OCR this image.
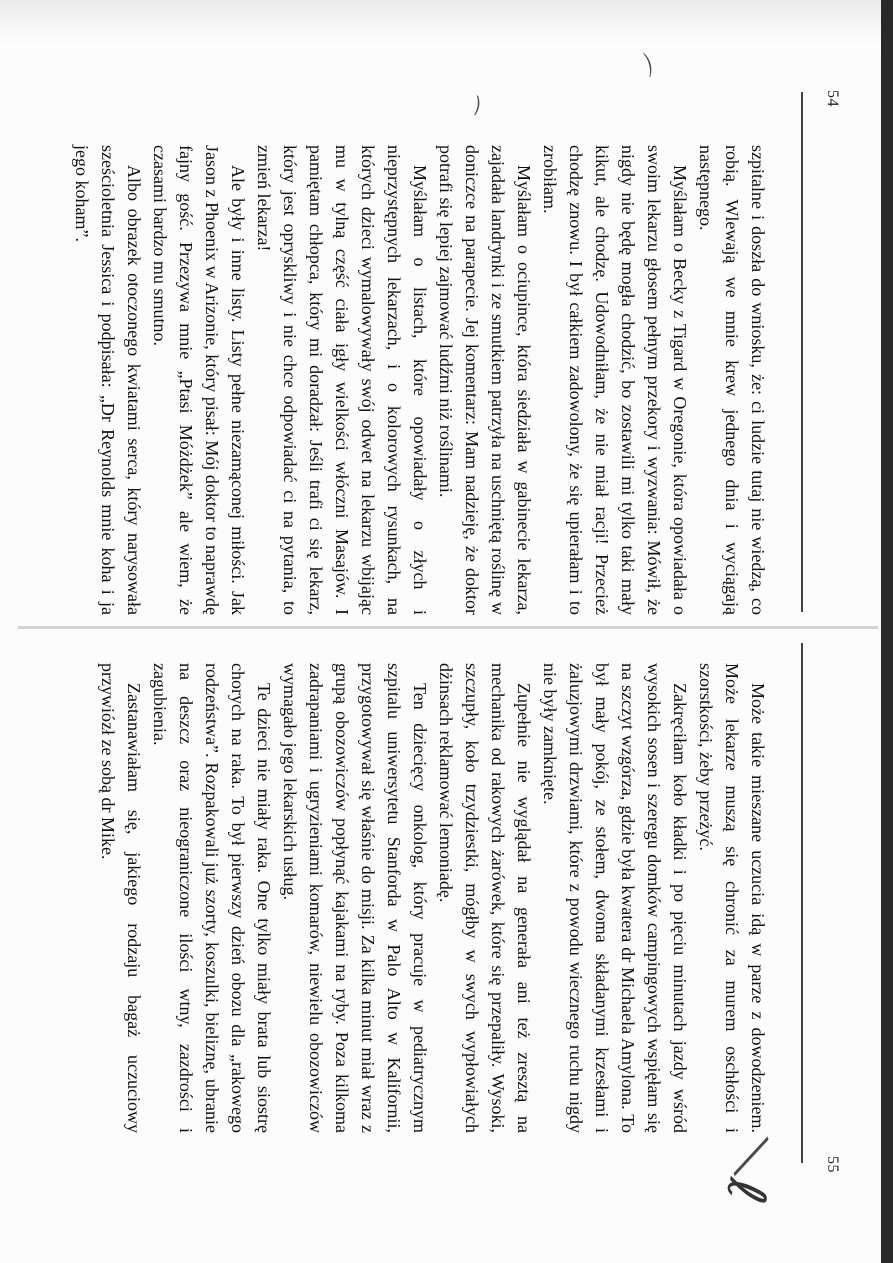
54

szpitalne i doszła do wniosku, że: ci ludzie tutaj nie wiedzą, co robią. Wlewają we mnie krew jednego dnia i wyciągają następnego.

Myślałam o Becky z Tigard w Oregonie, która opowiadała o swoim lekarzu głosem pełnym przekory i wyzwania: Mówił, że nigdy nie będę mogła chodzić, bo zostawili mi tylko taki mały kikut, ale chodzę. Udowodniłam, że nie miał racji! Przecież chodzę znowu. I był całkiem zadowolony, że się upierałam i to zrobiłam.

Myślałam o ociupince, która siedziała w gabinecie lekarza, zajadała landrynki i ze smutkiem patrzyła na uschniętą roślinę w doniczce na parapecie. Jej komentarz: Mam nadzieję, że doktor potrafi się lepiej zajmować ludźmi niż roślinami.

Myślałam o listach, które opowiadały o złych i nieprzystępnych lekarzach, i o kolorowych rysunkach, na których dzieci wymalowywały swój odwet na lekarzu wbijając mu w tylną część ciała igły wielkości włóczni Masajów. I pamiętam chłopca, który mi doradzał: Jeśli trafi ci się lekarz, który jest opryskliwy i nie chce odpowiadać ci na pytania, to zmień lekarza!

Ale były i inne listy. Listy pełne niezamąconej miłości. Jak Jason z Phoenix w Arizonie, który pisał: Mój doktor to naprawdę fajny gość. Przezywa mnie „Ptasi Móżdżek” ale wiem, że czasami bardzo mu smutno.

Albo obrazek otoczonego kwiatami serca, który narysowała sześcioletnia Jessica i podpisała: „Dr Reynolds mnie koha i ja jego koham”.

⌒
⁀
55

Może takie mieszane uczucia idą w parze z dowodzeniem. Może lekarze muszą się chronić za murem oschłości i szorstkości, żeby przeżyć.

Zakręciłam koło kładki i po pięciu minutach jazdy wśród wysokich sosen i szeregu domków campingowych wspięłam się na szczyt wzgórza, gdzie była kwatera dr Michaela Amylona. To był mały pokój, ze stołem, dwoma składanymi krzesłami i żaluzjowymi drzwiami, które z powodu wiecznego ruchu nigdy nie były zamknięte.

Zupełnie nie wyglądał na generała ani też zresztą na mechanika od rakowych żarówek, które się przepaliły. Wysoki, szczupły, koło trzydziestki, mógłby w swych wypłowiałych dżinsach reklamować lemoniadę.

Ten dziecięcy onkolog, który pracuje w pediatrycznym szpitalu uniwersytetu Stanforda w Palo Alto w Kalifornii, przygotowywał się właśnie do misji. Za kilka minut miał wraz z grupą obozowiczów popłynąć kajakami na ryby. Poza kilkoma zadrapaniami i ugryzieniami komarów, niewielu obozowiczów wymagało jego lekarskich usług.

Te dzieci nie miały raka. One tylko miały brata lub siostrę chorych na raka. To był pierwszy dzień obozu dla „rakowego rodzeństwa”. Rozpakowali już szorty, koszulki, bieliznę, ubranie na deszcz oraz nieograniczone ilości wtny, zazdrości i zagubienia.

Zastanawiałam się, jakiego rodzaju bagaż uczuciowy przywiózł ze sobą dr Mike.

ℓ
╲
